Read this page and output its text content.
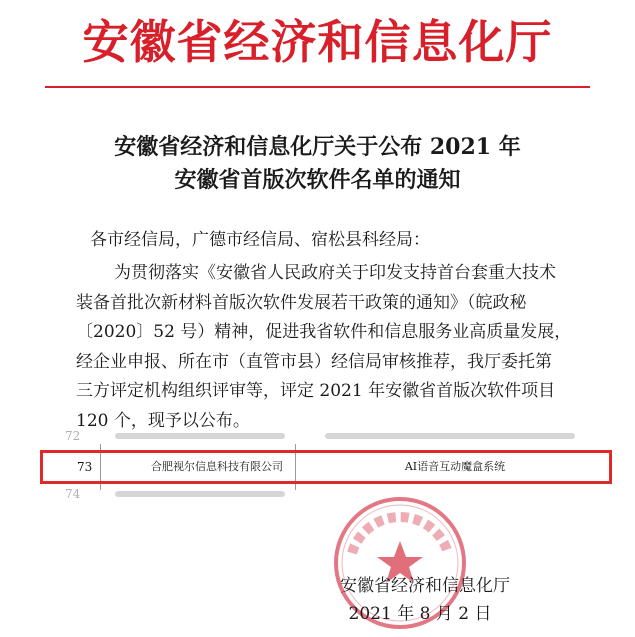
安徽省经济和信息化厅
安徽省经济和信息化厅关于公布 2021 年
安徽省首版次软件名单的通知
各市经信局，广德市经信局、宿松县科经局：
为贯彻落实《安徽省人民政府关于印发支持首台套重大技术
装备首批次新材料首版次软件发展若干政策的通知》（皖政秘
〔2020〕52 号）精神，促进我省软件和信息服务业高质量发展，
经企业申报、所在市（直管市县）经信局审核推荐，我厅委托第
三方评定机构组织评审等，评定 2021 年安徽省首版次软件项目
120 个，现予以公布。
72
73	合肥视尔信息科技有限公司	AI语音互动魔盒系统
74
安徽省经济和信息化厅
2021 年 8 月 2 日
